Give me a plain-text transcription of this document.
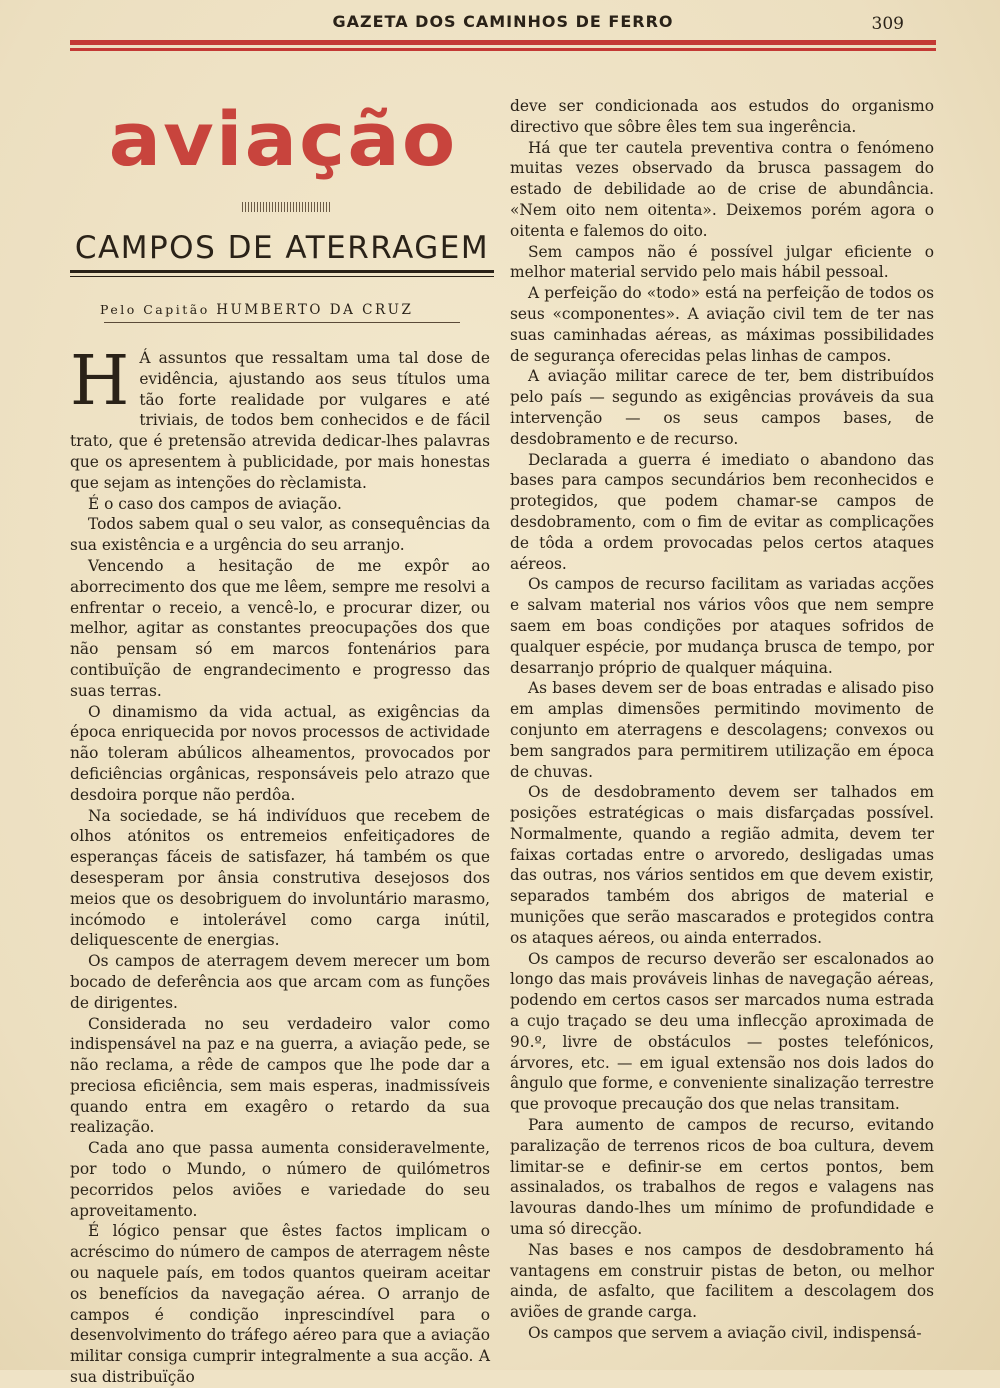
GAZETA DOS CAMINHOS DE FERRO	309
aviação
CAMPOS DE ATERRAGEM
Pelo Capitão HUMBERTO DA CRUZ

H Á assuntos que ressaltam uma tal dose de evidência, ajustando aos seus títulos uma tão forte realidade por vulgares e até triviais, de todos bem conhecidos e de fácil trato, que é pretensão atrevida dedicar-lhes palavras que os apresentem à publicidade, por mais honestas que sejam as intenções do rèclamista.

É o caso dos campos de aviação.

Todos sabem qual o seu valor, as consequências da sua existência e a urgência do seu arranjo.

Vencendo a hesitação de me expôr ao aborrecimento dos que me lêem, sempre me resolvi a enfrentar o receio, a vencê-lo, e procurar dizer, ou melhor, agitar as constantes preocupações dos que não pensam só em marcos fontenários para contibuïção de engrandecimento e progresso das suas terras.

O dinamismo da vida actual, as exigências da época enriquecida por novos processos de actividade não toleram abúlicos alheamentos, provocados por deficiências orgânicas, responsáveis pelo atrazo que desdoira porque não perdôa.

Na sociedade, se há indivíduos que recebem de olhos atónitos os entremeios enfeitiçadores de esperanças fáceis de satisfazer, há também os que desesperam por ânsia construtiva desejosos dos meios que os desobriguem do involuntário marasmo, incómodo e intolerável como carga inútil, deliquescente de energias.

Os campos de aterragem devem merecer um bom bocado de deferência aos que arcam com as funções de dirigentes.

Considerada no seu verdadeiro valor como indispensável na paz e na guerra, a aviação pede, se não reclama, a rêde de campos que lhe pode dar a preciosa eficiência, sem mais esperas, inadmissíveis quando entra em exagêro o retardo da sua realização.

Cada ano que passa aumenta consideravelmente, por todo o Mundo, o número de quilómetros pecorridos pelos aviões e variedade do seu aproveitamento.

É lógico pensar que êstes factos implicam o acréscimo do número de campos de aterragem nêste ou naquele país, em todos quantos queiram aceitar os benefícios da navegação aérea. O arranjo de campos é condição inprescindível para o desenvolvimento do tráfego aéreo para que a aviação militar consiga cumprir integralmente a sua acção. A sua distribuïção

deve ser condicionada aos estudos do organismo directivo que sôbre êles tem sua ingerência.

Há que ter cautela preventiva contra o fenómeno muitas vezes observado da brusca passagem do estado de debilidade ao de crise de abundância. «Nem oito nem oitenta». Deixemos porém agora o oitenta e falemos do oito.

Sem campos não é possível julgar eficiente o melhor material servido pelo mais hábil pessoal.

A perfeição do «todo» está na perfeição de todos os seus «componentes». A aviação civil tem de ter nas suas caminhadas aéreas, as máximas possibilidades de segurança oferecidas pelas linhas de campos.

A aviação militar carece de ter, bem distribuídos pelo país — segundo as exigências prováveis da sua intervenção — os seus campos bases, de desdobramento e de recurso.

Declarada a guerra é imediato o abandono das bases para campos secundários bem reconhecidos e protegidos, que podem chamar-se campos de desdobramento, com o fim de evitar as complicações de tôda a ordem provocadas pelos certos ataques aéreos.

Os campos de recurso facilitam as variadas acções e salvam material nos vários vôos que nem sempre saem em boas condições por ataques sofridos de qualquer espécie, por mudança brusca de tempo, por desarranjo próprio de qualquer máquina.

As bases devem ser de boas entradas e alisado piso em amplas dimensões permitindo movimento de conjunto em aterragens e descolagens; convexos ou bem sangrados para permitirem utilização em época de chuvas.

Os de desdobramento devem ser talhados em posições estratégicas o mais disfarçadas possível. Normalmente, quando a região admita, devem ter faixas cortadas entre o arvoredo, desligadas umas das outras, nos vários sentidos em que devem existir, separados também dos abrigos de material e munições que serão mascarados e protegidos contra os ataques aéreos, ou ainda enterrados.

Os campos de recurso deverão ser escalonados ao longo das mais prováveis linhas de navegação aéreas, podendo em certos casos ser marcados numa estrada a cujo traçado se deu uma inflecção aproximada de 90.º, livre de obstáculos — postes telefónicos, árvores, etc. — em igual extensão nos dois lados do ângulo que forme, e conveniente sinalização terrestre que provoque precaução dos que nelas transitam.

Para aumento de campos de recurso, evitando paralização de terrenos ricos de boa cultura, devem limitar-se e definir-se em certos pontos, bem assinalados, os trabalhos de regos e valagens nas lavouras dando-lhes um mínimo de profundidade e uma só direcção.

Nas bases e nos campos de desdobramento há vantagens em construir pistas de beton, ou melhor ainda, de asfalto, que facilitem a descolagem dos aviões de grande carga.

Os campos que servem a aviação civil, indispensá-
